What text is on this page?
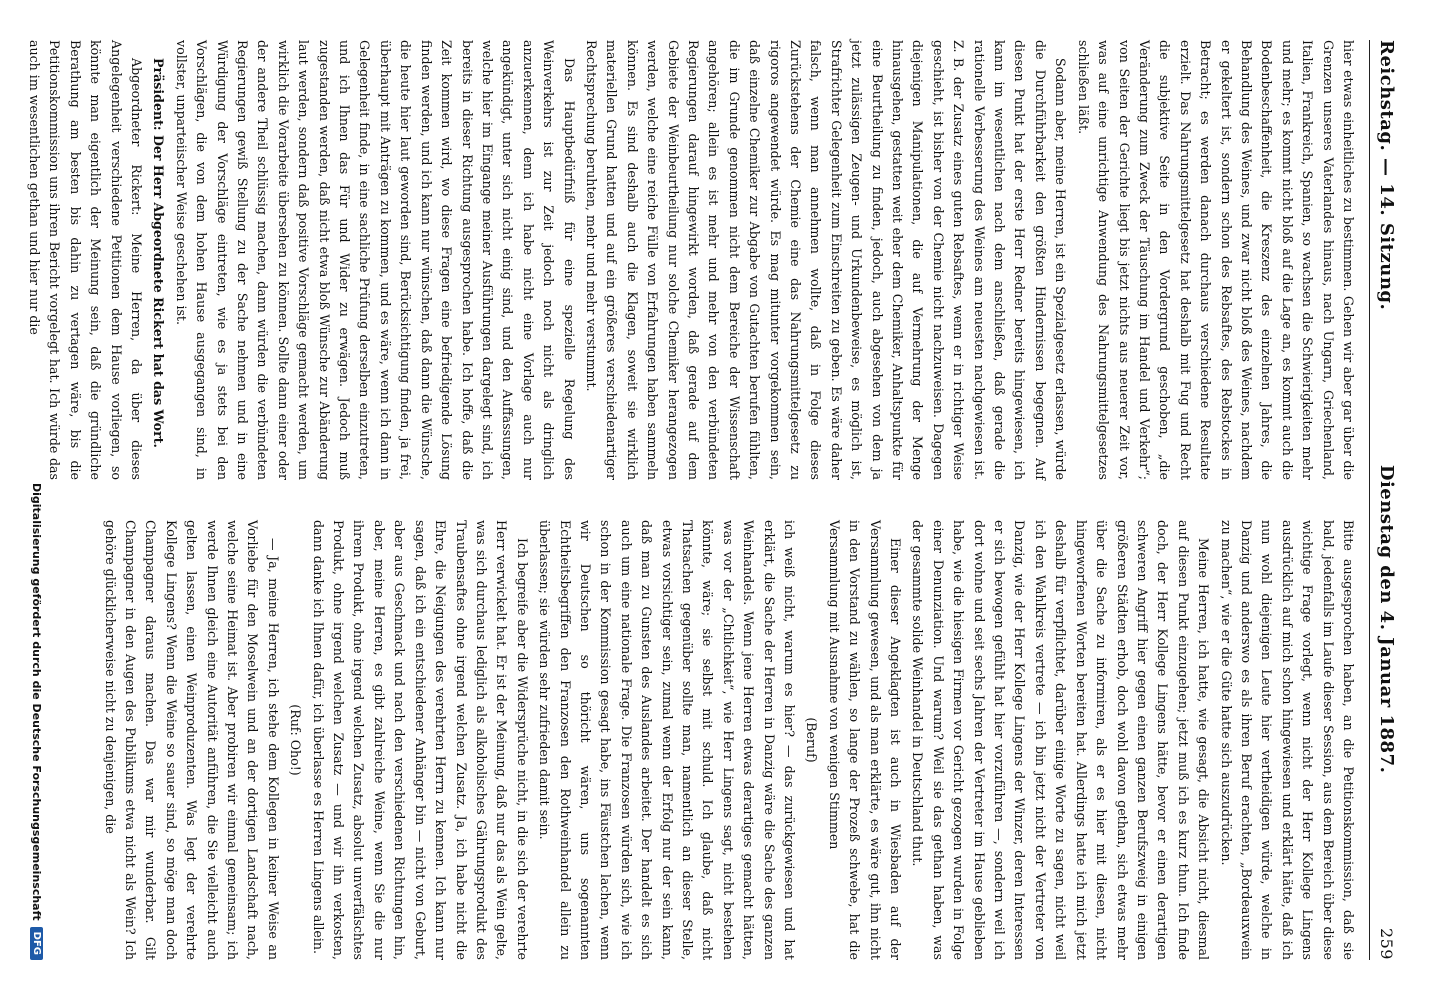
Reichstag. — 14. Sitzung.
Dienstag den 4. Januar 1887.
259

hier etwas einheitliches zu bestimmen. Gehen wir aber gar über die Grenzen unseres Vaterlandes hinaus, nach Ungarn, Griechenland, Italien, Frankreich, Spanien, so wachsen die Schwierigkeiten mehr und mehr; es kommt nicht bloß auf die Lage an, es kommt auch die Bodenbeschaffenheit, die Kreszenz des einzelnen Jahres, die Behandlung des Weines, und zwar nicht bloß des Weines, nachdem er gekeltert ist, sondern schon des Rebsaftes, des Rebstockes in Betracht; es werden danach durchaus verschiedene Resultate erzielt. Das Nahrungsmittelgesetz hat deshalb mit Fug und Recht die subjektive Seite in den Vordergrund geschoben, „die Veränderung zum Zweck der Täuschung im Handel und Verkehr“; von Seiten der Gerichte liegt bis jetzt nichts aus neuerer Zeit vor, was auf eine unrichtige Anwendung des Nahrungsmittelgesetzes schließen läßt.

Sodann aber, meine Herren, ist ein Spezialgesetz erlassen, würde die Durchführbarkeit den größten Hindernissen begegnen. Auf diesen Punkt hat der erste Herr Redner bereits hingewiesen, ich kann im wesentlichen nach dem anschließen, daß gerade die rationelle Verbesserung des Weines am neuesten nachgewiesen ist. Z. B. der Zusatz eines guten Rebsaftes, wenn er in richtiger Weise geschieht, ist bisher von der Chemie nicht nachzuweisen. Dagegen diejenigen Manipulationen, die auf Vermehrung der Menge hinausgehen, gestatten weit eher dem Chemiker, Anhaltspunkte für eine Beurtheilung zu finden, jedoch, auch abgesehen von dem ja jetzt zulässigen Zeugen- und Urkundenbeweise, es möglich ist, Strafrichter Gelegenheit zum Einschreiten zu geben. Es wäre daher falsch, wenn man annehmen wollte, daß in Folge dieses Zurückstehens der Chemie eine das Nahrungsmittelgesetz zu rigoros angewendet würde. Es mag mitunter vorgekommen sein, daß einzelne Chemiker zur Abgabe von Gutachten berufen fühlten, die im Grunde genommen nicht dem Bereiche der Wissenschaft angehören; allein es ist mehr und mehr von den verbündeten Regierungen darauf hingewirkt worden, daß gerade auf dem Gebiete der Weinbeurtheilung nur solche Chemiker herangezogen werden, welche eine reiche Fülle von Erfahrungen haben sammeln können. Es sind deshalb auch die Klagen, soweit sie wirklich materiellen Grund hatten und auf ein größeres verschiedenartiger Rechtsprechung beruhten, mehr und mehr verstummt.

Das Hauptbedürfniß für eine spezielle Regelung des Weinverkehrs ist zur Zeit jedoch noch nicht als dringlich anzuerkennen, denn ich habe nicht eine Vorlage auch nur angekündigt, unter sich nicht einig sind, und den Auffassungen, welche hier im Eingange meiner Ausführungen dargelegt sind, ich bereits in dieser Richtung ausgesprochen habe. Ich hoffe, daß die Zeit kommen wird, wo diese Fragen eine befriedigende Lösung finden werden, und ich kann nur wünschen, daß dann die Wünsche, die heute hier laut geworden sind, Berücksichtigung finden, ja frei, überhaupt mit Anträgen zu kommen, und es wäre, wenn ich dann in Gelegenheit finde, in eine sachliche Prüfung derselben einzutreten, und ich Ihnen das Für und Wider zu erwägen. Jedoch muß zugestanden werden, daß nicht etwa bloß Wünsche zur Abänderung laut werden, sondern daß positive Vorschläge gemacht werden, um wirklich die Vorarbeite übersehen zu können. Sollte dann einer oder der andere Theil schlüssig machen, dann würden die verbündeten Regierungen gewiß Stellung zu der Sache nehmen und in eine Würdigung der Vorschläge eintreten, wie es ja stets bei den Vorschlägen, die von dem hohen Hause ausgegangen sind, in vollster, unparteiischer Weise geschehen ist.

Präsident: Der Herr Abgeordnete Rickert hat das Wort.

Abgeordneter Rickert: Meine Herren, da über dieses Angelegenheit verschiedene Petitionen dem Hause vorliegen, so könnte man eigentlich der Meinung sein, daß die gründliche Berathung am besten bis dahin zu vertagen wäre, bis die Petitionskommission uns ihren Bericht vorgelegt hat. Ich würde das auch im wesentlichen gethan und hier nur die

Bitte ausgesprochen haben, an die Petitionskommission, daß sie bald, jedenfalls im Laufe dieser Session, aus dem Bereich über diese wichtige Frage vorlegt, wenn nicht der Herr Kollege Lingens ausdrücklich auf mich schon hingewiesen und erklärt hätte, daß ich nun wohl diejenigen Leute hier vertheidigen würde, welche in Danzig und anderswo es als ihren Beruf erachten, „Bordeauxwein zu machen“, wie er die Güte hatte sich auszudrücken.

Meine Herren, ich hatte, wie gesagt, die Absicht nicht, diesmal auf diesen Punkt einzugehen; jetzt muß ich es kurz thun. Ich finde doch, der Herr Kollege Lingens hätte, bevor er einen derartigen schweren Angriff hier gegen einen ganzen Berufszweig in einigen größeren Städten erhob, doch wohl davon gethan, sich etwas mehr über die Sache zu informiren, als er es hier mit diesen, nicht hingeworfenen Worten bereiten hat. Allerdings hatte ich mich jetzt deshalb für verpflichtet, darüber einige Worte zu sagen, nicht weil ich den Wahlkreis vertrete — ich bin jetzt nicht der Vertreter von Danzig, wie der Herr Kollege Lingens der Winzer, deren Interessen er sich bewogen gefühlt hat hier vorzuführen —, sondern weil ich dort wohne und seit sechs Jahren der Vertreter im Hause geblieben habe, wie die hiesigen Firmen vor Gericht gezogen wurden in Folge einer Denunziation. Und warum? Weil sie das gethan haben, was der gesammte solide Weinhandel in Deutschland thut.

Einer dieser Angeklagten ist auch in Wiesbaden auf der Versammlung gewesen, und als man erklärte, es wäre gut, ihn nicht in den Vorstand zu wählen, so lange der Prozeß schwebe, hat die Versammlung mit Ausnahme von wenigen Stimmen

(Beruf)

ich weiß nicht, warum es hier? — das zurückgewiesen und hat erklärt, die Sache der Herren in Danzig wäre die Sache des ganzen Weinhandels. Wenn jene Herren etwas derartiges gemacht hätten, was vor der „Chtlichkeit“, wie Herr Lingens sagt, nicht bestehen könnte, wäre; sie selbst mit schuld. Ich glaube, daß nicht Thatsachen gegenüber sollte man, namentlich an dieser Stelle, etwas vorsichtiger sein, zumal wenn der Erfolg nur der sein kann, daß man zu Gunsten des Auslandes arbeitet. Der handelt es sich auch um eine nationale Frage. Die Franzosen würden sich, wie ich schon in der Kommission gesagt habe, ins Fäustchen lachen, wenn wir Deutschen so thöricht wären, uns sogenannten Echtheitsbegriffen den Franzosen den Rothweinhandel allein zu überlassen; sie würden sehr zufrieden damit sein.

Ich begreife aber die Widersprüche nicht, in die sich der verehrte Herr verwickelt hat. Er ist der Meinung, daß nur das als Wein gelte, was sich durchaus lediglich als alkoholisches Gährungsprodukt des Traubensaftes ohne irgend welchen Zusatz. Ja, ich habe nicht die Ehre, die Neigungen des verehrten Herrn zu kennen. Ich kann nur sagen, daß ich ein entschiedener Anhänger bin — nicht von Geburt, aber aus Geschmack und nach den verschiedenen Richtungen hin, aber, meine Herren, es gibt zahlreiche Weine, wenn Sie die nur ihrem Produkt, ohne irgend welchen Zusatz, absolut unverfälschtes Produkt, ohne irgend welchen Zusatz — und wir ihn verkosten, dann danke ich Ihnen dafür, ich überlasse es Herren Lingens allein.

(Ruf: Oho!)

— Ja, meine Herren, ich stehe dem Kollegen in keiner Weise an Vorliebe für den Moselwein und an der dortigen Landschaft nach, welche seine Heimat ist. Aber probiren wir einmal gemeinsam; ich werde Ihnen gleich eine Autorität anführen, die Sie vielleicht auch gelten lassen, einen Weinproduzenten. Was legt der verehrte Kollege Lingens? Wenn die Weine so sauer sind, so möge man doch Champagner daraus machen. Das war mir wunderbar. Gilt Champagner in den Augen des Publikums etwa nicht als Wein? Ich gehöre glücklicherweise nicht zu denjenigen, die

Digitalisierung gefördert durch die Deutsche Forschungsgemeinschaft
DFG
